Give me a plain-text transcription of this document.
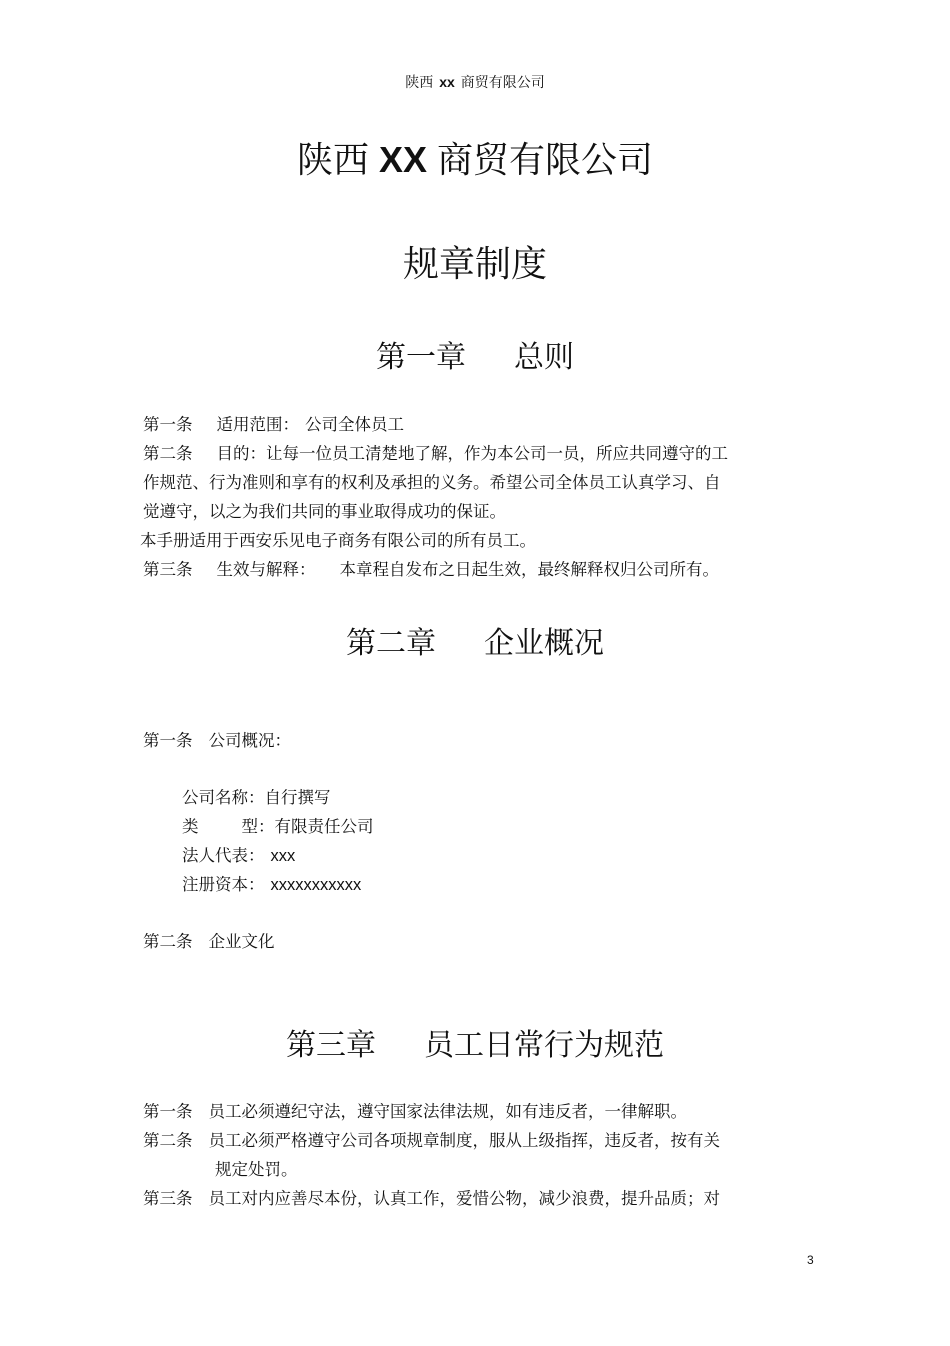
陕西 xx 商贸有限公司
陕西 XX 商贸有限公司
规章制度
第一章 总则
第一条 适用范围： 公司全体员工
第二条 目的：让每一位员工清楚地了解，作为本公司一员，所应共同遵守的工
作规范、行为准则和享有的权利及承担的义务。希望公司全体员工认真学习、自
觉遵守，以之为我们共同的事业取得成功的保证。
本手册适用于西安乐见电子商务有限公司的所有员工。
第三条 生效与解释： 本章程自发布之日起生效，最终解释权归公司所有。
第二章 企业概况
第一条 公司概况：
公司名称：自行撰写
类型：有限责任公司
法人代表： xxx
注册资本： xxxxxxxxxxx
第二条 企业文化
第三章 员工日常行为规范
第一条 员工必须遵纪守法，遵守国家法律法规，如有违反者，一律解职。
第二条 员工必须严格遵守公司各项规章制度，服从上级指挥，违反者，按有关
规定处罚。
第三条 员工对内应善尽本份，认真工作，爱惜公物，减少浪费，提升品质；对
3
